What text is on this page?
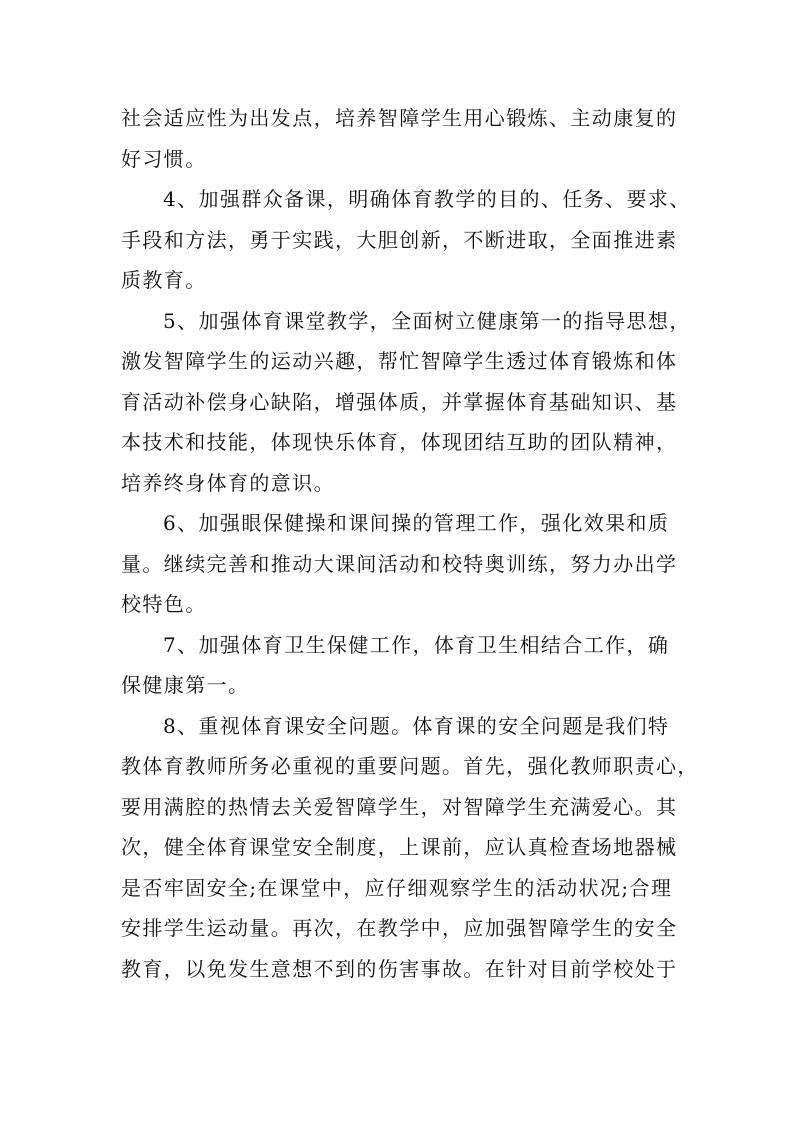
社会适应性为出发点，培养智障学生用心锻炼、主动康复的
好习惯。
4、加强群众备课，明确体育教学的目的、任务、要求、
手段和方法，勇于实践，大胆创新，不断进取，全面推进素
质教育。
5、加强体育课堂教学，全面树立健康第一的指导思想，
激发智障学生的运动兴趣，帮忙智障学生透过体育锻炼和体
育活动补偿身心缺陷，增强体质，并掌握体育基础知识、基
本技术和技能，体现快乐体育，体现团结互助的团队精神，
培养终身体育的意识。
6、加强眼保健操和课间操的管理工作，强化效果和质
量。继续完善和推动大课间活动和校特奥训练，努力办出学
校特色。
7、加强体育卫生保健工作，体育卫生相结合工作，确
保健康第一。
8、重视体育课安全问题。体育课的安全问题是我们特
教体育教师所务必重视的重要问题。首先，强化教师职责心，
要用满腔的热情去关爱智障学生，对智障学生充满爱心。其
次，健全体育课堂安全制度，上课前，应认真检查场地器械
是否牢固安全;在课堂中，应仔细观察学生的活动状况;合理
安排学生运动量。再次，在教学中，应加强智障学生的安全
教育，以免发生意想不到的伤害事故。在针对目前学校处于
